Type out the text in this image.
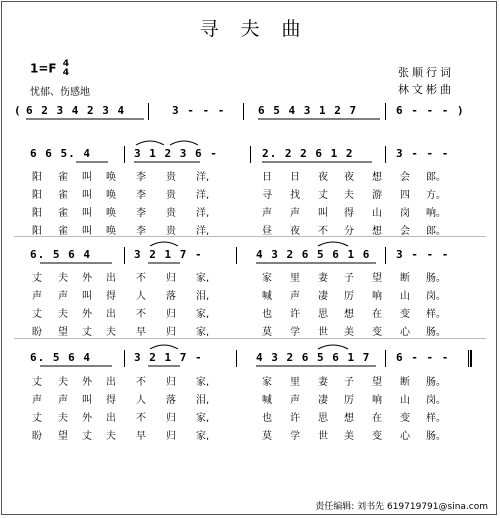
寻夫曲
1=F 4
4
忧郁、伤感地
张顺行词
林文彬曲
( 6 2 3 4 2 3 4	3 - - -	6 5 4 3 1 2 7	6 - - - )
6 6 5. 4	3 1 2 3 6 -	2. 2 2 6 1 2	3 - - -
6. 5 6 4	3 2 1 7 -	4 3 2 6 5 6 1 6 3 - - -
6. 5 6 4	3 2 1 7 -	4 3 2 6 5 6 1 7 6 - - -
阳 雀 叫 唤 李 贵 洋,	日 日 夜 夜 想 会 郎。
阳 雀 叫 唤 李 贵 洋,	寻 找 丈 夫 游 四 方。
阳 雀 叫 唤 李 贵 洋,	声 声 叫 得 山 岗 响。
阳 雀 叫 唤 李 贵 洋,	昼 夜 不 分 想 会 郎。
丈 夫 外 出 不 归 家,	家 里 妻 子 望 断 肠。
声 声 叫 得 人 落 泪,	喊 声 凄 厉 响 山 岗。
丈 夫 外 出 不 归 家,	也 许 思 想 在 变 样。
盼 望 丈 夫 早 归 家,	莫 学 世 美 变 心 肠。
丈 夫 外 出 不 归 家,	家 里 妻 子 望 断 肠。
声 声 叫 得 人 落 泪,	喊 声 凄 厉 响 山 岗。
丈 夫 外 出 不 归 家,	也 许 思 想 在 变 样。
盼 望 丈 夫 早 归 家,	莫 学 世 美 变 心 肠。
责任编辑: 刘书先 619719791@sina.com
